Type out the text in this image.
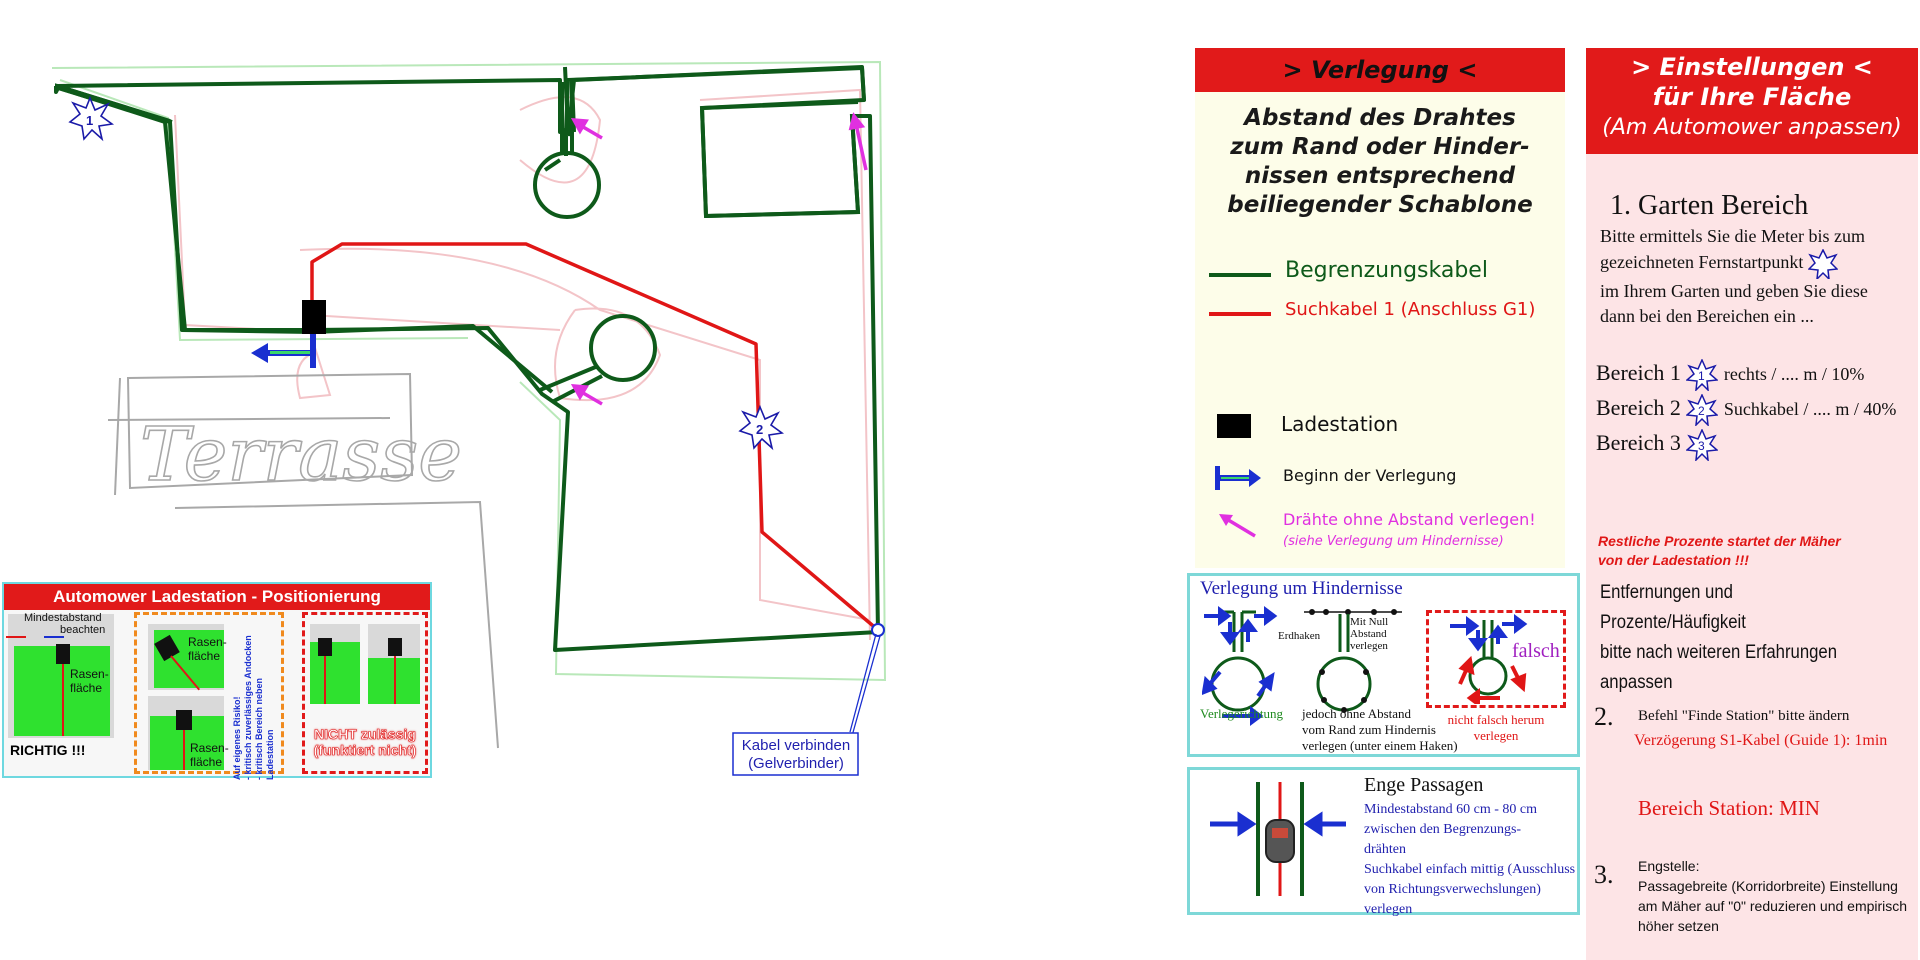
Terrasse
1
2
Kabel verbinden
(Gelverbinder)
Automower Ladestation - Positionierung
Mindestabstand
beachten
Rasen-
fläche
RICHTIG !!!
Rasen-
fläche
Rasen-
fläche Auf eigenes Risiko! - kritisch zuverlässiges Andocken - kritisch Bereich neben Ladestation	NICHT zulässig
(funktiert nicht)
> Verlegung <
Abstand des Drahtes
zum Rand oder Hinder-
nissen entsprechend
beiliegender Schablone
Begrenzungskabel
Suchkabel 1 (Anschluss G1)
Ladestation
Beginn der Verlegung
Drähte ohne Abstand verlegen!
(siehe Verlegung um Hindernisse)
Verlegung um Hindernisse
Verlegerichtung
Erdhaken
Mit Null
Abstand
verlegen
jedoch ohne Abstand
vom Rand zum Hindernis
verlegen (unter einem Haken)
falsch
nicht falsch herum
verlegen
Enge Passagen
Mindestabstand 60 cm - 80 cm
zwischen den Begrenzungs-
drähten
Suchkabel einfach mittig (Ausschluss
von Richtungsverwechslungen) verlegen
> Einstellungen <
für Ihre Fläche
(Am Automower anpassen)
1. Garten Bereich
Bitte ermittels Sie die Meter bis zum
gezeichneten Fernstartpunkt
im Ihrem Garten und geben Sie diese
dann bei den Bereichen ein ...
Bereich 1 1 rechts / .... m / 10%
Bereich 2 2 Suchkabel / .... m / 40%
Bereich 3 3
Restliche Prozente startet der Mäher
von der Ladestation !!!
Entfernungen und Prozente/Häufigkeit
bitte nach weiteren Erfahrungen anpassen
2. Befehl "Finde Station" bitte ändern
Verzögerung S1-Kabel (Guide 1): 1min
Bereich Station: MIN
3. Engstelle:
Passagebreite (Korridorbreite) Einstellung
am Mäher auf "0" reduzieren und empirisch
höher setzen
